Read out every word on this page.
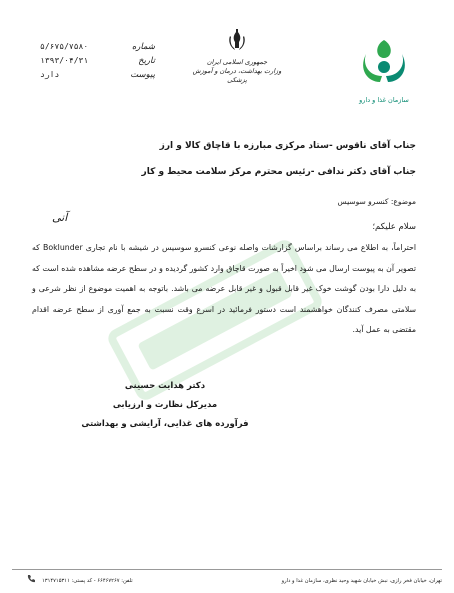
شماره
۵/۶۷۵/۷۵۸۰
تاریخ
۱۳۹۳/۰۴/۳۱
پیوست
دارد
جمهوری اسلامی ایران
وزارت بهداشت، درمان و آموزش پزشکی
سازمان غذا و دارو
جناب آقای ناقوس -ستاد مرکزی مبارزه با قاچاق کالا و ارز
جناب آقای دکتر ندافی -رئیس محترم مرکز سلامت محیط و کار
موضوع: کنسرو سوسیس
آنی
سلام علیکم؛
احتراماً، به اطلاع می رساند براساس گزارشات واصله نوعی کنسرو سوسیس در شیشه با نام تجاری Boklunder که تصویر آن به پیوست ارسال می شود اخیراً به صورت قاچاق وارد کشور گردیده و در سطح عرضه مشاهده شده است که به دلیل دارا بودن گوشت خوک غیر قابل قبول و غیر قابل عرضه می باشد. باتوجه به اهمیت موضوع از نظر شرعی و سلامتی مصرف کنندگان خواهشمند است دستور فرمائید در اسرع وقت نسبت به جمع آوری از سطح عرضه اقدام مقتضی به عمل آید.
دکتر هدایت حسینی
مدیرکل نظارت و ارزیابی
فرآورده های غذایی، آرایشی و بهداشتی
تلفن: ۶۶۴۶۷۲۶۷ - کد پستی: ۱۳۱۴۷۱۵۳۱۱	تهران، خیابان فخر رازی، نبش خیابان شهید وحید نظری، سازمان غذا و دارو
